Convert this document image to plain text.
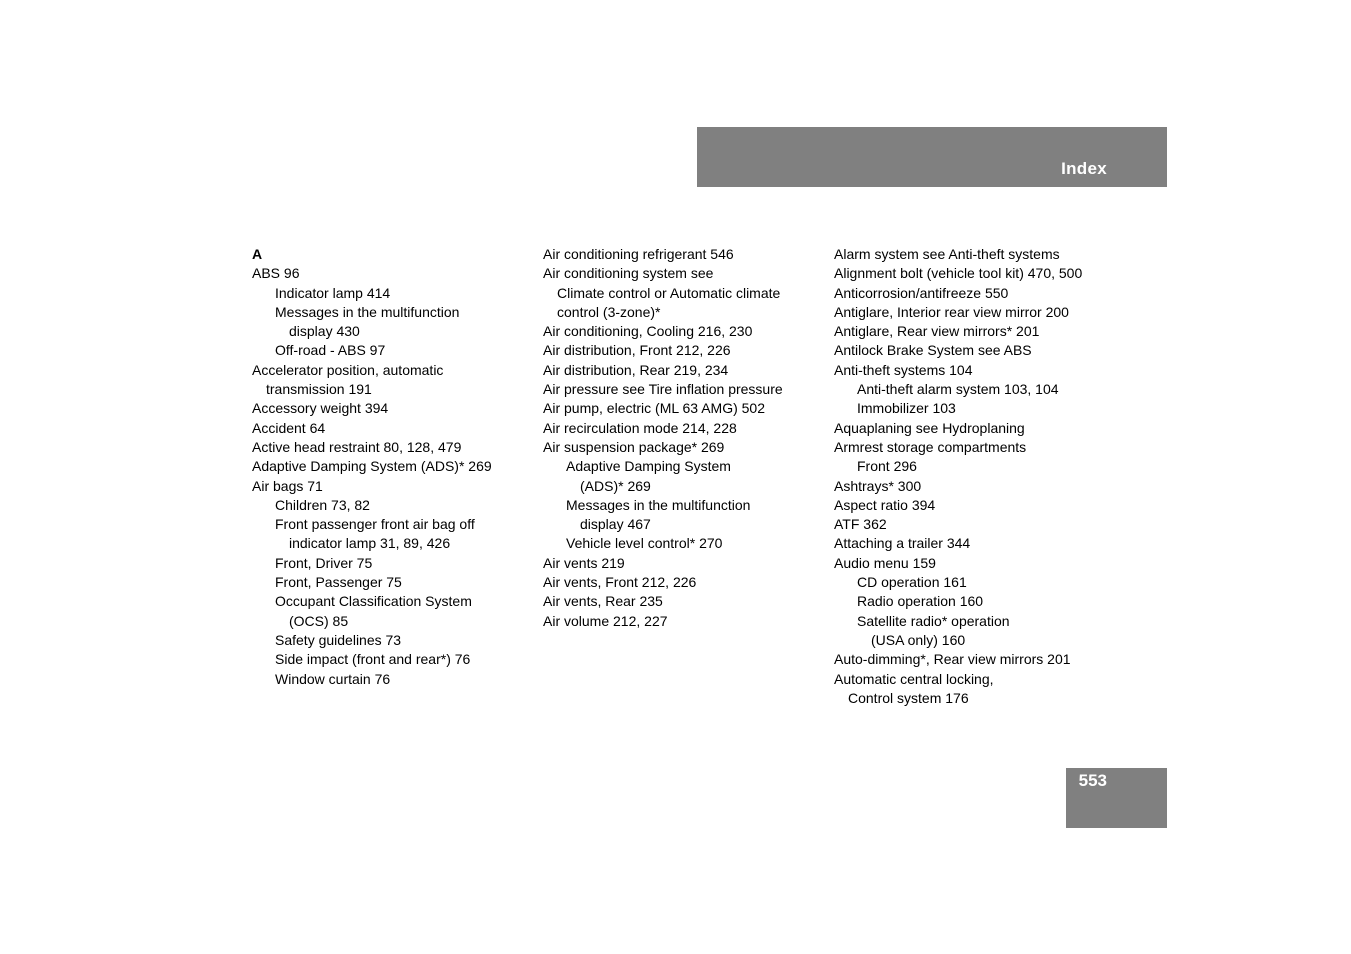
Index
A
ABS 96
Indicator lamp 414
Messages in the multifunction
display 430
Off-road - ABS 97
Accelerator position, automatic
transmission 191
Accessory weight 394
Accident 64
Active head restraint 80, 128, 479
Adaptive Damping System (ADS)* 269
Air bags 71
Children 73, 82
Front passenger front air bag off
indicator lamp 31, 89, 426
Front, Driver 75
Front, Passenger 75
Occupant Classification System
(OCS) 85
Safety guidelines 73
Side impact (front and rear*) 76
Window curtain 76
Air conditioning refrigerant 546
Air conditioning system see
Climate control or Automatic climate
control (3-zone)*
Air conditioning, Cooling 216, 230
Air distribution, Front 212, 226
Air distribution, Rear 219, 234
Air pressure see Tire inflation pressure
Air pump, electric (ML 63 AMG) 502
Air recirculation mode 214, 228
Air suspension package* 269
Adaptive Damping System
(ADS)* 269
Messages in the multifunction
display 467
Vehicle level control* 270
Air vents 219
Air vents, Front 212, 226
Air vents, Rear 235
Air volume 212, 227
Alarm system see Anti-theft systems
Alignment bolt (vehicle tool kit) 470, 500
Anticorrosion/antifreeze 550
Antiglare, Interior rear view mirror 200
Antiglare, Rear view mirrors* 201
Antilock Brake System see ABS
Anti-theft systems 104
Anti-theft alarm system 103, 104
Immobilizer 103
Aquaplaning see Hydroplaning
Armrest storage compartments
Front 296
Ashtrays* 300
Aspect ratio 394
ATF 362
Attaching a trailer 344
Audio menu 159
CD operation 161
Radio operation 160
Satellite radio* operation
(USA only) 160
Auto-dimming*, Rear view mirrors 201
Automatic central locking,
Control system 176
553
